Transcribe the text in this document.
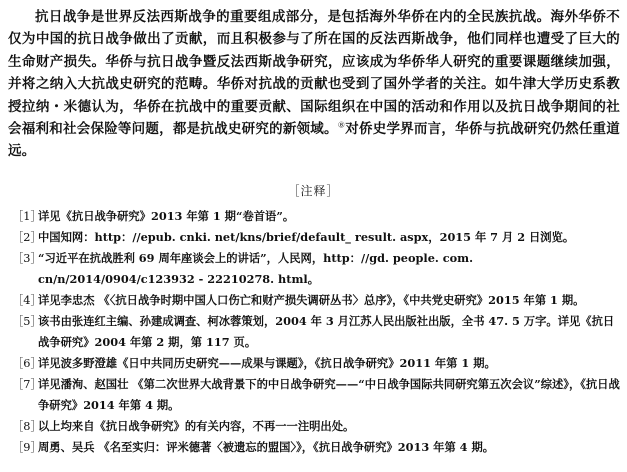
抗日战争是世界反法西斯战争的重要组成部分，是包括海外华侨在内的全民族抗战。海外华侨不仅为中国的抗日战争做出了贡献，而且积极参与了所在国的反法西斯战争，他们同样也遭受了巨大的生命财产损失。华侨与抗日战争暨反法西斯战争研究，应该成为华侨华人研究的重要课题继续加强，并将之纳入大抗战史研究的范畴。华侨对抗战的贡献也受到了国外学者的关注。如牛津大学历史系教授拉纳・米德认为，华侨在抗战中的重要贡献、国际组织在中国的活动和作用以及抗日战争期间的社会福利和社会保险等问题，都是抗战史研究的新领域。⑧对侨史学界而言，华侨与抗战研究仍然任重道远。

［注释］
［1］
详见《抗日战争研究》2013 年第 1 期“卷首语”。
［2］
中国知网：http：//epub. cnki. net/kns/brief/default_ result. aspx，2015 年 7 月 2 日浏览。
［3］
“习近平在抗战胜利 69 周年座谈会上的讲话”，人民网，http：//gd. people. com. cn/n/2014/0904/c123932 - 22210278. html。
［4］
详见李忠杰 《〈抗日战争时期中国人口伤亡和财产损失调研丛书〉总序》，《中共党史研究》2015 年第 1 期。
［5］
该书由张连红主编、孙建成调查、柯冰蓉策划，2004 年 3 月江苏人民出版社出版，全书 47. 5 万字。详见《抗日战争研究》2004 年第 2 期，第 117 页。
［6］
详见波多野澄雄《日中共同历史研究——成果与课题》，《抗日战争研究》2011 年第 1 期。
［7］
详见潘洵、赵国壮 《第二次世界大战背景下的中日战争研究——“中日战争国际共同研究第五次会议”综述》，《抗日战争研究》2014 年第 4 期。
［8］
以上均来自《抗日战争研究》的有关内容，不再一一注明出处。
［9］
周勇、吴兵 《名至实归：评米德著〈被遗忘的盟国〉》，《抗日战争研究》2013 年第 4 期。
